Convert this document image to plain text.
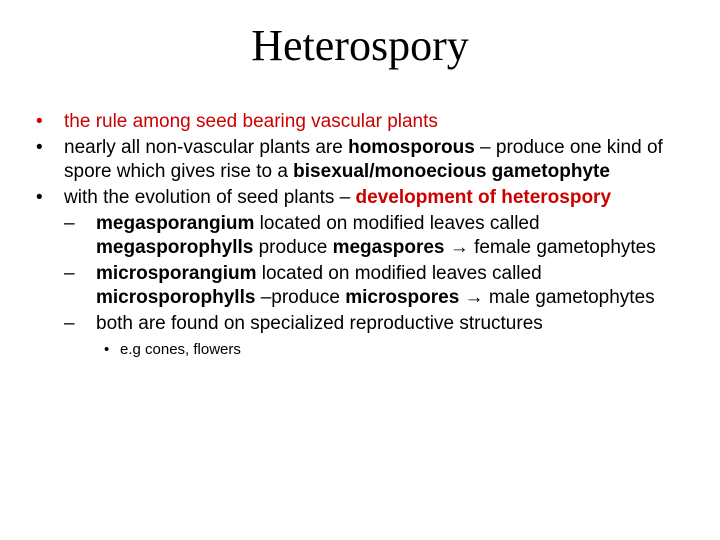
Heterospory
•	the rule among seed bearing vascular plants
•	nearly all non-vascular plants are homosporous – produce one kind of spore which gives rise to a bisexual/monoecious gametophyte
•	with the evolution of seed plants – development of heterospory
–	megasporangium located on modified leaves called megasporophylls produce megaspores → female gametophytes
–	microsporangium located on modified leaves called microsporophylls –produce microspores → male gametophytes
–	both are found on specialized reproductive structures
• e.g cones, flowers
